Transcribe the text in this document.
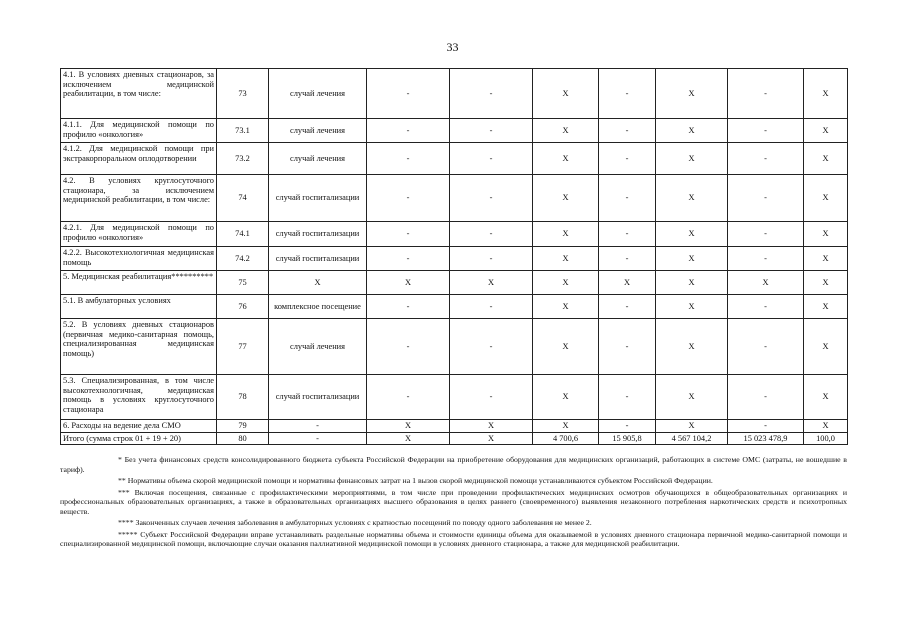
33
4.1. В условиях дневных стационаров, за исключением медицинской реабилитации, в том числе:	73	случай лечения	-	-	X	-	X	-	X
4.1.1. Для медицинской помощи по профилю «онкология»	73.1	случай лечения	-	-	X	-	X	-	X
4.1.2. Для медицинской помощи при экстракорпоральном оплодотворении	73.2	случай лечения	-	-	X	-	X	-	X
4.2. В условиях круглосуточного стационара, за исключением медицинской реабилитации, в том числе:	74	случай госпитализации	-	-	X	-	X	-	X
4.2.1. Для медицинской помощи по профилю «онкология»	74.1	случай госпитализации	-	-	X	-	X	-	X
4.2.2. Высокотехнологичная медицинская помощь	74.2	случай госпитализации	-	-	X	-	X	-	X
5. Медицинская реабилитация**********	75	X	X	X	X	X	X	X	X
5.1. В амбулаторных условиях	76	комплексное посещение	-	-	X	-	X	-	X
5.2. В условиях дневных стационаров (первичная медико-санитарная помощь, специализированная медицинская помощь)	77	случай лечения	-	-	X	-	X	-	X
5.3. Специализированная, в том числе высокотехнологичная, медицинская помощь в условиях круглосуточного стационара	78	случай госпитализации	-	-	X	-	X	-	X
6. Расходы на ведение дела СМО	79	-	X	X	X	-	X	-	X
Итого (сумма строк 01 + 19 + 20)	80	-	X	X	4 700,6	15 905,8	4 567 104,2	15 023 478,9	100,0

* Без учета финансовых средств консолидированного бюджета субъекта Российской Федерации на приобретение оборудования для медицинских организаций, работающих в системе ОМС (затраты, не вошедшие в тариф).

** Нормативы объема скорой медицинской помощи и нормативы финансовых затрат на 1 вызов скорой медицинской помощи устанавливаются субъектом Российской Федерации.

*** Включая посещения, связанные с профилактическими мероприятиями, в том числе при проведении профилактических медицинских осмотров обучающихся в общеобразовательных организациях и профессиональных образовательных организациях, а также в образовательных организациях высшего образования в целях раннего (своевременного) выявления незаконного потребления наркотических средств и психотропных веществ.

**** Законченных случаев лечения заболевания в амбулаторных условиях с кратностью посещений по поводу одного заболевания не менее 2.

***** Субъект Российской Федерации вправе устанавливать раздельные нормативы объема и стоимости единицы объема для оказываемой в условиях дневного стационара первичной медико-санитарной помощи и специализированной медицинской помощи, включающие случаи оказания паллиативной медицинской помощи в условиях дневного стационара, а также для медицинской реабилитации.
